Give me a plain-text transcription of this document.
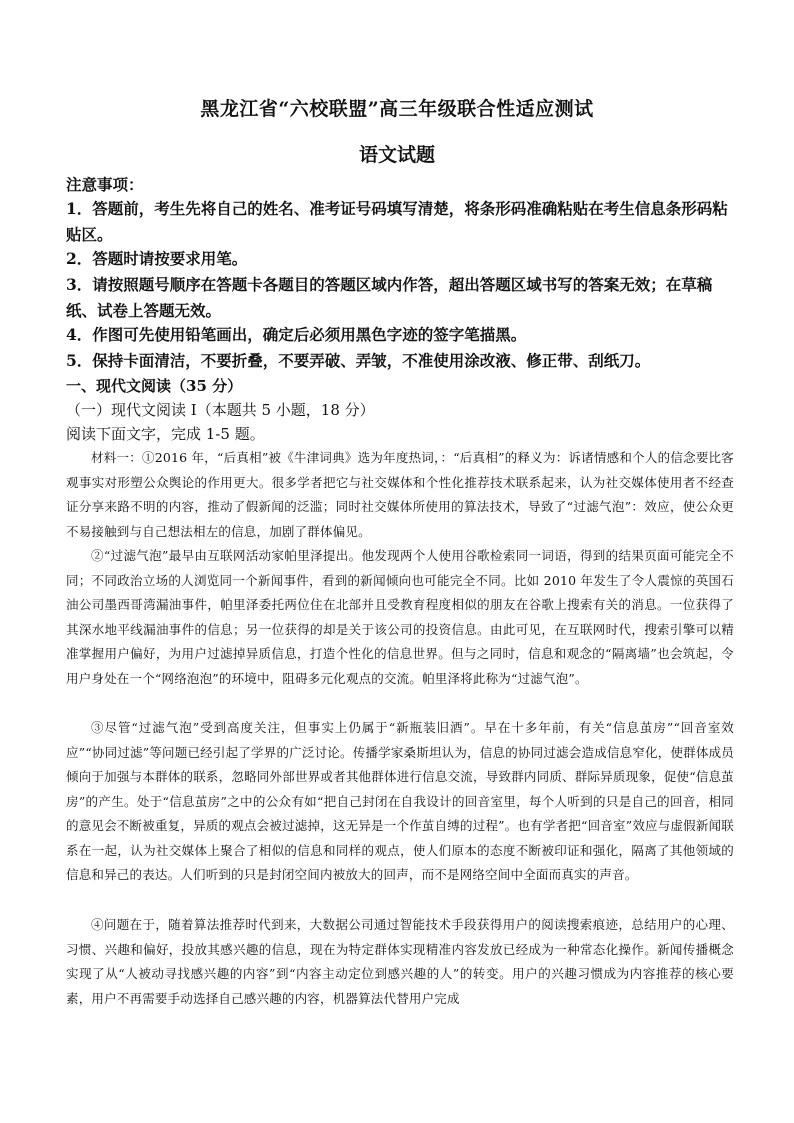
黑龙江省“六校联盟”高三年级联合性适应测试
语文试题

注意事项：

1．答题前，考生先将自己的姓名、准考证号码填写清楚，将条形码准确粘贴在考生信息条形码粘贴区。

2．答题时请按要求用笔。

3．请按照题号顺序在答题卡各题目的答题区域内作答，超出答题区域书写的答案无效；在草稿纸、试卷上答题无效。

4．作图可先使用铅笔画出，确定后必须用黑色字迹的签字笔描黑。

5．保持卡面清洁，不要折叠，不要弄破、弄皱，不准使用涂改液、修正带、刮纸刀。

一、现代文阅读（35 分）

（一）现代文阅读 I（本题共 5 小题，18 分）

阅读下面文字，完成 1-5 题。

材料一：①2016 年，“后真相”被《牛津词典》选为年度热词，：“后真相”的释义为：诉诸情感和个人的信念要比客观事实对形塑公众舆论的作用更大。很多学者把它与社交媒体和个性化推荐技术联系起来，认为社交媒体使用者不经查证分享来路不明的内容，推动了假新闻的泛滥；同时社交媒体所使用的算法技术，导致了“过滤气泡”：效应，使公众更不易接触到与自己想法相左的信息，加剧了群体偏见。

②“过滤气泡”最早由互联网活动家帕里泽提出。他发现两个人使用谷歌检索同一词语，得到的结果页面可能完全不同；不同政治立场的人浏览同一个新闻事件，看到的新闻倾向也可能完全不同。比如 2010 年发生了令人震惊的英国石油公司墨西哥湾漏油事件，帕里泽委托两位住在北部并且受教育程度相似的朋友在谷歌上搜索有关的消息。一位获得了其深水地平线漏油事件的信息；另一位获得的却是关于该公司的投资信息。由此可见，在互联网时代，搜索引擎可以精准掌握用户偏好，为用户过滤掉异质信息，打造个性化的信息世界。但与之同时，信息和观念的“隔离墙”也会筑起，令用户身处在一个“网络泡泡”的环境中，阻碍多元化观点的交流。帕里泽将此称为“过滤气泡”。

③尽管“过滤气泡”受到高度关注，但事实上仍属于“新瓶装旧酒”。早在十多年前，有关“信息茧房”“回音室效应”“协同过滤”等问题已经引起了学界的广泛讨论。传播学家桑斯坦认为，信息的协同过滤会造成信息窄化，使群体成员倾向于加强与本群体的联系，忽略同外部世界或者其他群体进行信息交流，导致群内同质、群际异质现象，促使“信息茧房”的产生。处于“信息茧房”之中的公众有如“把自己封闭在自我设计的回音室里，每个人听到的只是自己的回音，相同的意见会不断被重复，异质的观点会被过滤掉，这无异是一个作茧自缚的过程”。也有学者把“回音室”效应与虚假新闻联系在一起，认为社交媒体上聚合了相似的信息和同样的观点，使人们原本的态度不断被印证和强化，隔离了其他领域的信息和异己的表达。人们听到的只是封闭空间内被放大的回声，而不是网络空间中全面而真实的声音。

④问题在于，随着算法推荐时代到来，大数据公司通过智能技术手段获得用户的阅读搜索痕迹，总结用户的心理、习惯、兴趣和偏好，投放其感兴趣的信息，现在为特定群体实现精准内容发放已经成为一种常态化操作。新闻传播概念实现了从“人被动寻找感兴趣的内容”到“内容主动定位到感兴趣的人”的转变。用户的兴趣习惯成为内容推荐的核心要素，用户不再需要手动选择自己感兴趣的内容，机器算法代替用户完成
